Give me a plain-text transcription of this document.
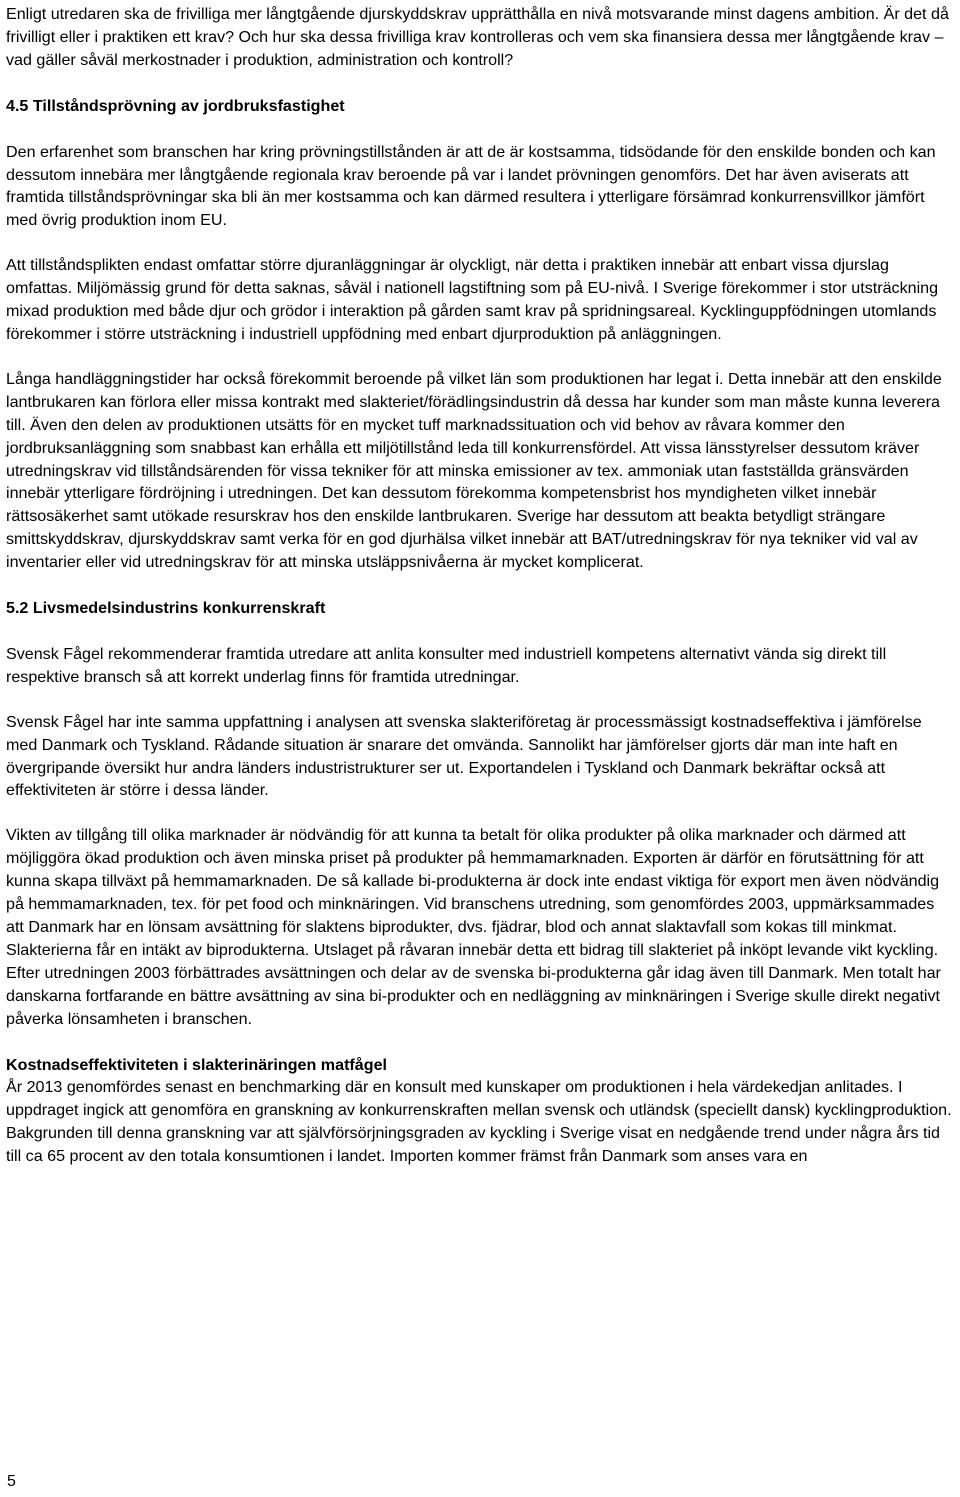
Enligt utredaren ska de frivilliga mer långtgående djurskyddskrav upprätthålla en nivå motsvarande minst dagens ambition. Är det då frivilligt eller i praktiken ett krav? Och hur ska dessa frivilliga krav kontrolleras och vem ska finansiera dessa mer långtgående krav – vad gäller såväl merkostnader i produktion, administration och kontroll?

4.5 Tillståndsprövning av jordbruksfastighet

Den erfarenhet som branschen har kring prövningstillstånden är att de är kostsamma, tidsödande för den enskilde bonden och kan dessutom innebära mer långtgående regionala krav beroende på var i landet prövningen genomförs. Det har även aviserats att framtida tillståndsprövningar ska bli än mer kostsamma och kan därmed resultera i ytterligare försämrad konkurrensvillkor jämfört med övrig produktion inom EU.

Att tillståndsplikten endast omfattar större djuranläggningar är olyckligt, när detta i praktiken innebär att enbart vissa djurslag omfattas. Miljömässig grund för detta saknas, såväl i nationell lagstiftning som på EU-nivå. I Sverige förekommer i stor utsträckning mixad produktion med både djur och grödor i interaktion på gården samt krav på spridningsareal. Kycklinguppfödningen utomlands förekommer i större utsträckning i industriell uppfödning med enbart djurproduktion på anläggningen.

Långa handläggningstider har också förekommit beroende på vilket län som produktionen har legat i. Detta innebär att den enskilde lantbrukaren kan förlora eller missa kontrakt med slakteriet/förädlingsindustrin då dessa har kunder som man måste kunna leverera till. Även den delen av produktionen utsätts för en mycket tuff marknadssituation och vid behov av råvara kommer den jordbruksanläggning som snabbast kan erhålla ett miljötillstånd leda till konkurrensfördel. Att vissa länsstyrelser dessutom kräver utredningskrav vid tillståndsärenden för vissa tekniker för att minska emissioner av tex. ammoniak utan fastställda gränsvärden innebär ytterligare fördröjning i utredningen. Det kan dessutom förekomma kompetensbrist hos myndigheten vilket innebär rättsosäkerhet samt utökade resurskrav hos den enskilde lantbrukaren. Sverige har dessutom att beakta betydligt strängare smittskyddskrav, djurskyddskrav samt verka för en god djurhälsa vilket innebär att BAT/utredningskrav för nya tekniker vid val av inventarier eller vid utredningskrav för att minska utsläppsnivåerna är mycket komplicerat.

5.2 Livsmedelsindustrins konkurrenskraft

Svensk Fågel rekommenderar framtida utredare att anlita konsulter med industriell kompetens alternativt vända sig direkt till respektive bransch så att korrekt underlag finns för framtida utredningar.

Svensk Fågel har inte samma uppfattning i analysen att svenska slakteriföretag är processmässigt kostnadseffektiva i jämförelse med Danmark och Tyskland. Rådande situation är snarare det omvända. Sannolikt har jämförelser gjorts där man inte haft en övergripande översikt hur andra länders industristrukturer ser ut. Exportandelen i Tyskland och Danmark bekräftar också att effektiviteten är större i dessa länder.

Vikten av tillgång till olika marknader är nödvändig för att kunna ta betalt för olika produkter på olika marknader och därmed att möjliggöra ökad produktion och även minska priset på produkter på hemmamarknaden. Exporten är därför en förutsättning för att kunna skapa tillväxt på hemmamarknaden. De så kallade bi-produkterna är dock inte endast viktiga för export men även nödvändig på hemmamarknaden, tex. för pet food och minknäringen. Vid branschens utredning, som genomfördes 2003, uppmärksammades att Danmark har en lönsam avsättning för slaktens biprodukter, dvs. fjädrar, blod och annat slaktavfall som kokas till minkmat. Slakterierna får en intäkt av biprodukterna. Utslaget på råvaran innebär detta ett bidrag till slakteriet på inköpt levande vikt kyckling. Efter utredningen 2003 förbättrades avsättningen och delar av de svenska bi-produkterna går idag även till Danmark. Men totalt har danskarna fortfarande en bättre avsättning av sina bi-produkter och en nedläggning av minknäringen i Sverige skulle direkt negativt påverka lönsamheten i branschen.

Kostnadseffektiviteten i slakterinäringen matfågel

År 2013 genomfördes senast en benchmarking där en konsult med kunskaper om produktionen i hela värdekedjan anlitades. I uppdraget ingick att genomföra en granskning av konkurrenskraften mellan svensk och utländsk (speciellt dansk) kycklingproduktion. Bakgrunden till denna granskning var att självförsörjningsgraden av kyckling i Sverige visat en nedgående trend under några års tid till ca 65 procent av den totala konsumtionen i landet. Importen kommer främst från Danmark som anses vara en

5
